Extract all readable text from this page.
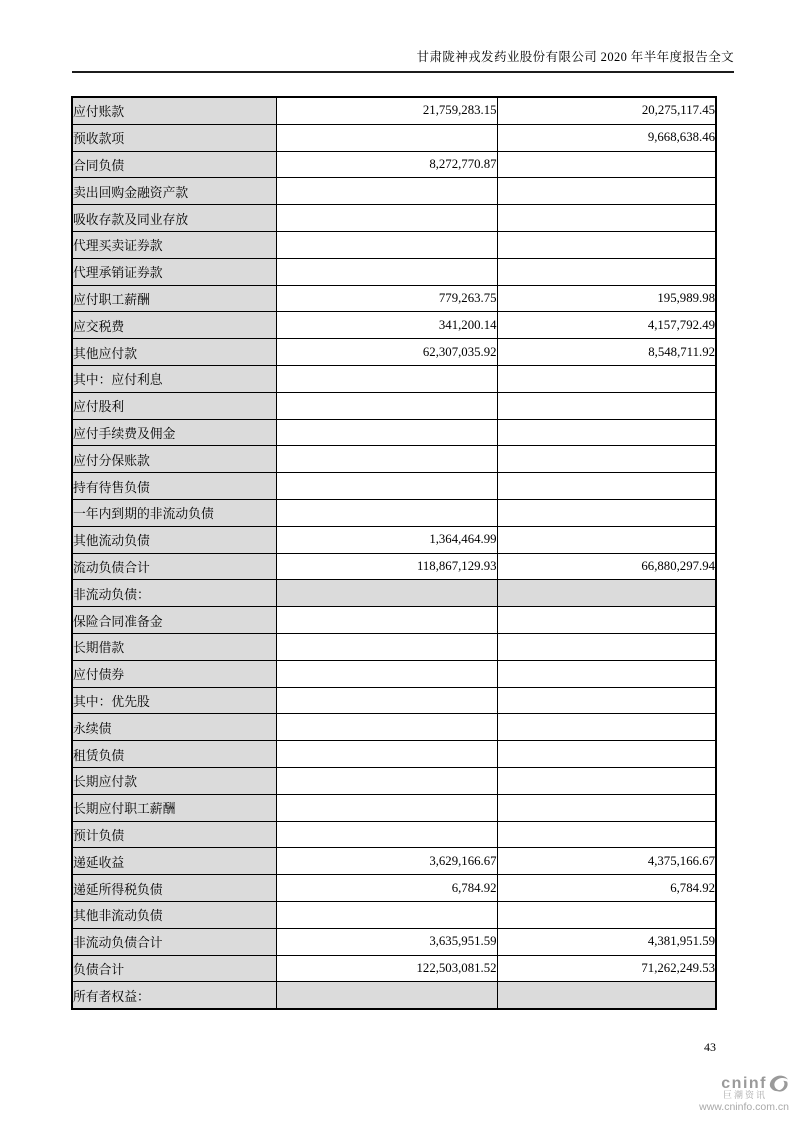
甘肃陇神戎发药业股份有限公司 2020 年半年度报告全文
应付账款	21,759,283.15	20,275,117.45
预收款项		9,668,638.46
合同负债	8,272,770.87	
卖出回购金融资产款		
吸收存款及同业存放		
代理买卖证券款		
代理承销证券款		
应付职工薪酬	779,263.75	195,989.98
应交税费	341,200.14	4,157,792.49
其他应付款	62,307,035.92	8,548,711.92
其中：应付利息		
应付股利		
应付手续费及佣金		
应付分保账款		
持有待售负债		
一年内到期的非流动负债		
其他流动负债	1,364,464.99	
流动负债合计	118,867,129.93	66,880,297.94
非流动负债：		
保险合同准备金		
长期借款		
应付债券		
其中：优先股		
永续债		
租赁负债		
长期应付款		
长期应付职工薪酬		
预计负债		
递延收益	3,629,166.67	4,375,166.67
递延所得税负债	6,784.92	6,784.92
其他非流动负债		
非流动负债合计	3,635,951.59	4,381,951.59
负债合计	122,503,081.52	71,262,249.53
所有者权益：		
43
cninf
巨潮资讯
www.cninfo.com.cn
